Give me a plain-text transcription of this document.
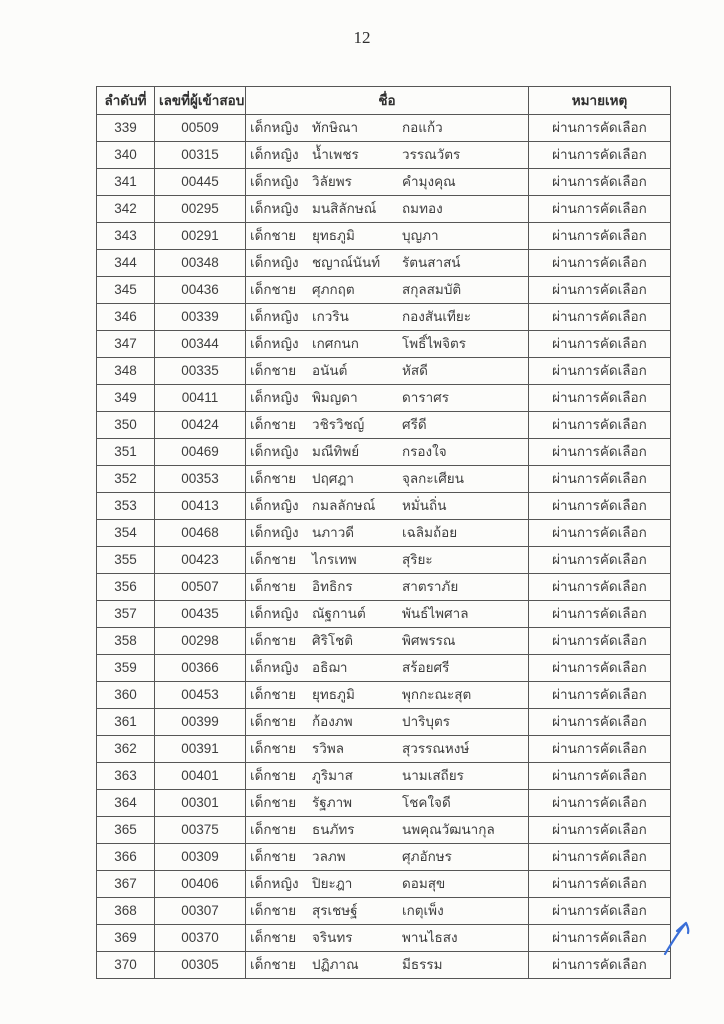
12
ลำดับที่	เลขที่ผู้เข้าสอบ	ชื่อ	หมายเหตุ
339	00509	เด็กหญิง ทักษิณา กอแก้ว	ผ่านการคัดเลือก
340	00315	เด็กหญิง น้ำเพชร วรรณวัตร	ผ่านการคัดเลือก
341	00445	เด็กหญิง วิลัยพร คำมุงคุณ	ผ่านการคัดเลือก
342	00295	เด็กหญิง มนสิลักษณ์ ถมทอง	ผ่านการคัดเลือก
343	00291	เด็กชาย ยุทธภูมิ บุญภา	ผ่านการคัดเลือก
344	00348	เด็กหญิง ชญาณ์นันท์ รัตนสาสน์	ผ่านการคัดเลือก
345	00436	เด็กชาย ศุภกฤต สกุลสมบัติ	ผ่านการคัดเลือก
346	00339	เด็กหญิง เกวริน กองสันเทียะ	ผ่านการคัดเลือก
347	00344	เด็กหญิง เกศกนก โพธิ์ไพจิตร	ผ่านการคัดเลือก
348	00335	เด็กชาย อนันต์ หัสดี	ผ่านการคัดเลือก
349	00411	เด็กหญิง พิมญดา ดาราศร	ผ่านการคัดเลือก
350	00424	เด็กชาย วชิรวิชญ์ ศรีดี	ผ่านการคัดเลือก
351	00469	เด็กหญิง มณีทิพย์ กรองใจ	ผ่านการคัดเลือก
352	00353	เด็กชาย ปฤศฎา จุลกะเศียน	ผ่านการคัดเลือก
353	00413	เด็กหญิง กมลลักษณ์ หมั่นถิ่น	ผ่านการคัดเลือก
354	00468	เด็กหญิง นภาวดี เฉลิมถ้อย	ผ่านการคัดเลือก
355	00423	เด็กชาย ไกรเทพ สุริยะ	ผ่านการคัดเลือก
356	00507	เด็กชาย อิทธิกร สาตราภัย	ผ่านการคัดเลือก
357	00435	เด็กหญิง ณัฐกานต์ พันธ์ไพศาล	ผ่านการคัดเลือก
358	00298	เด็กชาย ศิริโชติ พิศพรรณ	ผ่านการคัดเลือก
359	00366	เด็กหญิง อธิฌา สร้อยศรี	ผ่านการคัดเลือก
360	00453	เด็กชาย ยุทธภูมิ พุกกะณะสุต	ผ่านการคัดเลือก
361	00399	เด็กชาย ก้องภพ ปาริบุตร	ผ่านการคัดเลือก
362	00391	เด็กชาย รวิพล สุวรรณหงษ์	ผ่านการคัดเลือก
363	00401	เด็กชาย ภูริมาส นามเสถียร	ผ่านการคัดเลือก
364	00301	เด็กชาย รัฐภาพ โชคใจดี	ผ่านการคัดเลือก
365	00375	เด็กชาย ธนภัทร นพคุณวัฒนากุล	ผ่านการคัดเลือก
366	00309	เด็กชาย วลภพ ศุภอักษร	ผ่านการคัดเลือก
367	00406	เด็กหญิง ปิยะฎา ดอมสุข	ผ่านการคัดเลือก
368	00307	เด็กชาย สุรเชษฐ์ เกตุเพ็ง	ผ่านการคัดเลือก
369	00370	เด็กชาย จรินทร พานไธสง	ผ่านการคัดเลือก
370	00305	เด็กชาย ปฏิภาณ มีธรรม	ผ่านการคัดเลือก
